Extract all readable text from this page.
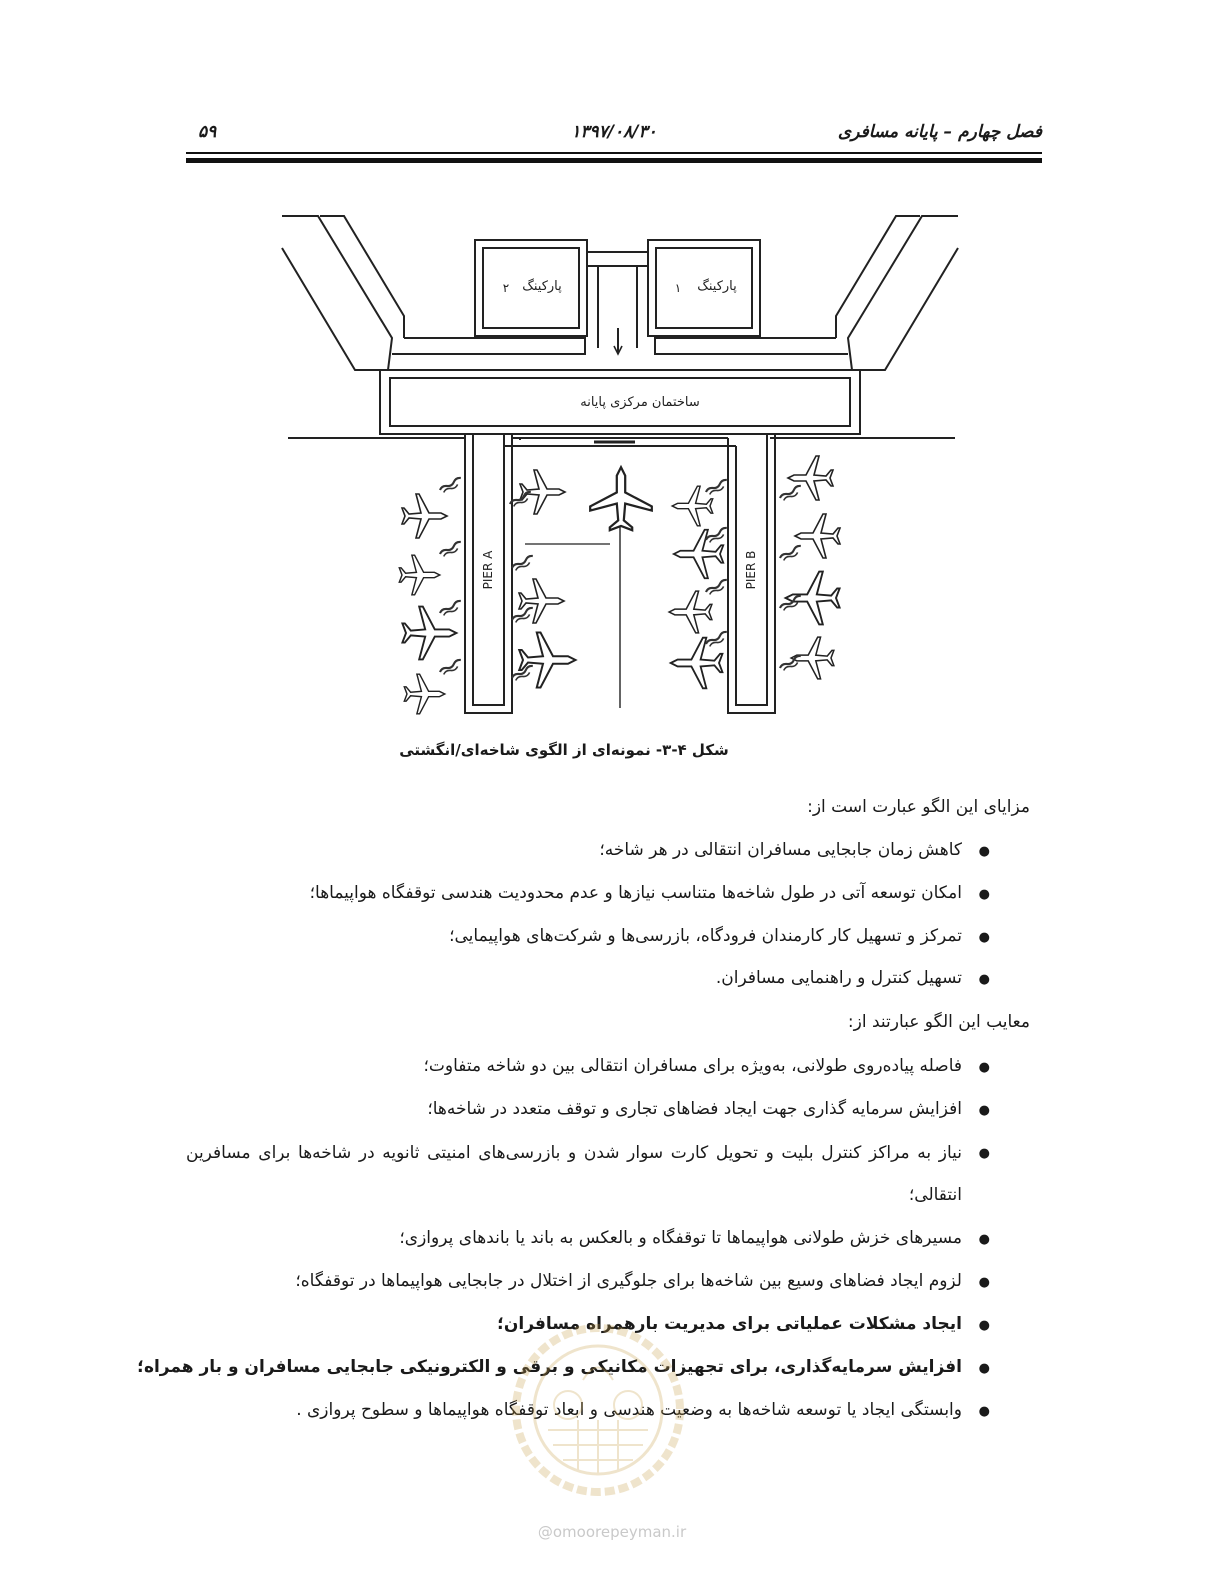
فصل چهارم – پایانه مسافری
۱۳۹۷/۰۸/۳۰
۵۹
پارکینگ
۲	پارکینگ
۱
ساختمان مرکزی پایانه
PIER A	PIER B
شکل ۴-۳- نمونه‌ای از الگوی شاخه‌ای/انگشتی
مزایای این الگو عبارت است از:
●
کاهش زمان جابجایی مسافران انتقالی در هر شاخه؛
●
امکان توسعه آتی در طول شاخه‌ها متناسب نیازها و عدم محدودیت هندسی توقفگاه هواپیماها؛
●
تمرکز و تسهیل کار کارمندان فرودگاه، بازرسی‌ها و شرکت‌های هواپیمایی؛
●
تسهیل کنترل و راهنمایی مسافران.
معایب این الگو عبارتند از:
●
فاصله پیاده‌روی طولانی، به‌ویژه برای مسافران انتقالی بین دو شاخه متفاوت؛
●
افزایش سرمایه گذاری جهت ایجاد فضاهای تجاری و توقف متعدد در شاخه‌ها؛
●
نیاز به مراکز کنترل بلیت و تحویل کارت سوار شدن و بازرسی‌های امنیتی ثانویه در شاخه‌ها برای مسافرین انتقالی؛
●
مسیرهای خزش طولانی هواپیماها تا توقفگاه و بالعکس به باند یا باندهای پروازی؛
●
لزوم ایجاد فضاهای وسیع بین شاخه‌ها برای جلوگیری از اختلال در جابجایی هواپیماها در توقفگاه؛
●
ایجاد مشکلات عملیاتی برای مدیریت بارهمراه مسافران؛
●
افزایش سرمایه‌گذاری، برای تجهیزات مکانیکی و برقی و الکترونیکی جابجایی مسافران و بار همراه؛
●
وابستگی ایجاد یا توسعه شاخه‌ها به وضعیت هندسی و ابعاد توقفگاه هواپیماها و سطوح پروازی .
@omoorepeyman.ir
